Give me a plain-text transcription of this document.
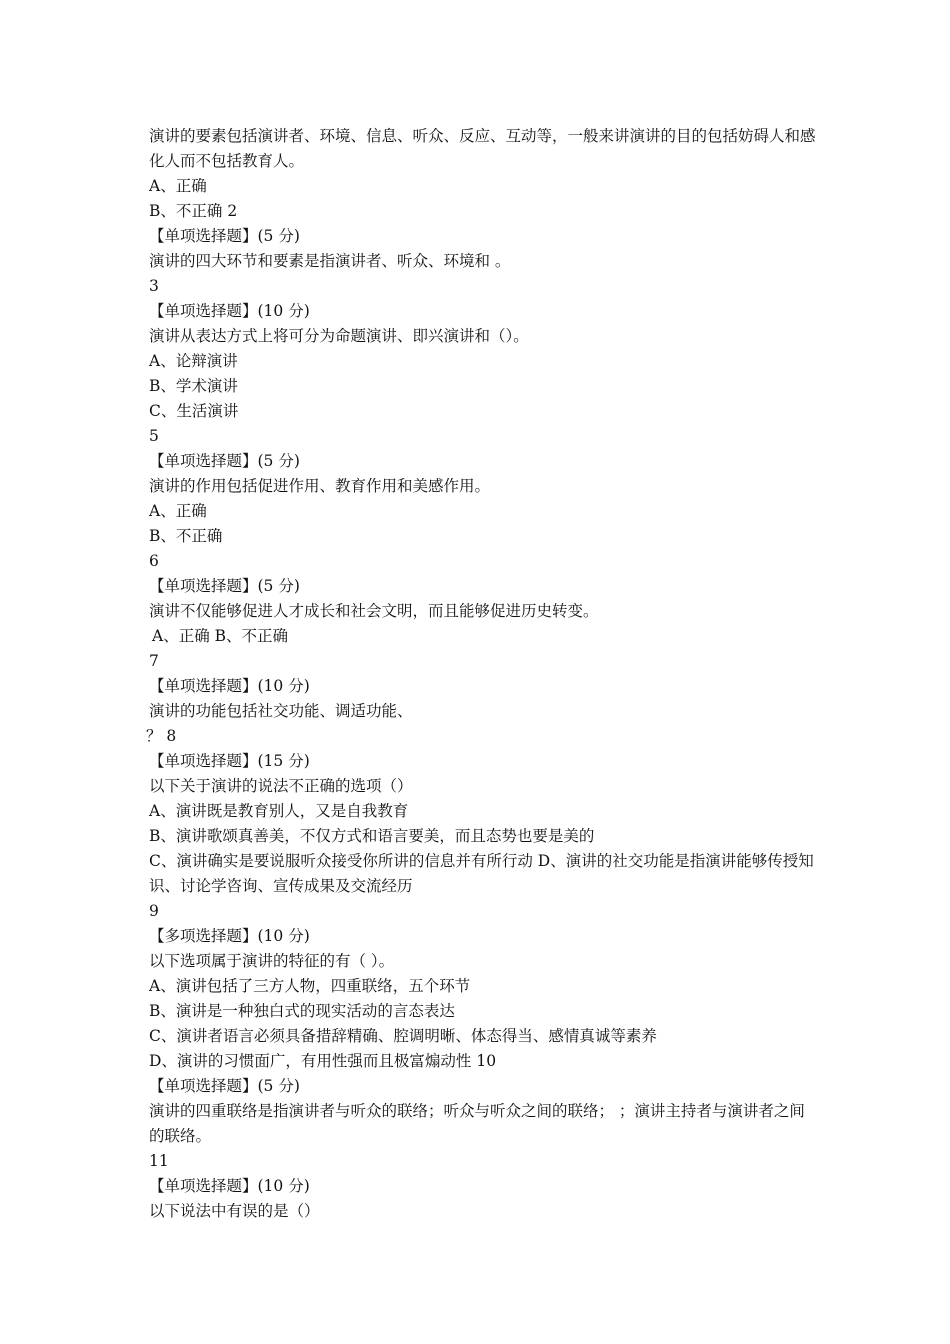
演讲的要素包括演讲者、环境、信息、听众、反应、互动等，一般来讲演讲的目的包括妨碍人和感化人而不包括教育人。
A、正确
B、不正确 2
【单项选择题】(5 分)
演讲的四大环节和要素是指演讲者、听众、环境和 。
3
【单项选择题】(10 分)
演讲从表达方式上将可分为命题演讲、即兴演讲和（）。
A、论辩演讲
B、学术演讲
C、生活演讲
5
【单项选择题】(5 分)
演讲的作用包括促进作用、教育作用和美感作用。
A、正确
B、不正确
6
【单项选择题】(5 分)
演讲不仅能够促进人才成长和社会文明，而且能够促进历史转变。
A、正确 B、不正确
7
【单项选择题】(10 分)
演讲的功能包括社交功能、调适功能、
？ 8
【单项选择题】(15 分)
以下关于演讲的说法不正确的选项（）
A、演讲既是教育别人，又是自我教育
B、演讲歌颂真善美，不仅方式和语言要美，而且态势也要是美的
C、演讲确实是要说服听众接受你所讲的信息并有所行动 D、演讲的社交功能是指演讲能够传授知识、讨论学咨询、宣传成果及交流经历
9
【多项选择题】(10 分)
以下选项属于演讲的特征的有（ ）。
A、演讲包括了三方人物，四重联络，五个环节
B、演讲是一种独白式的现实活动的言态表达
C、演讲者语言必须具备措辞精确、腔调明晰、体态得当、感情真诚等素养
D、演讲的习惯面广，有用性强而且极富煽动性 10
【单项选择题】(5 分)
演讲的四重联络是指演讲者与听众的联络；听众与听众之间的联络； ；演讲主持者与演讲者之间的联络。
11
【单项选择题】(10 分)
以下说法中有误的是（）
